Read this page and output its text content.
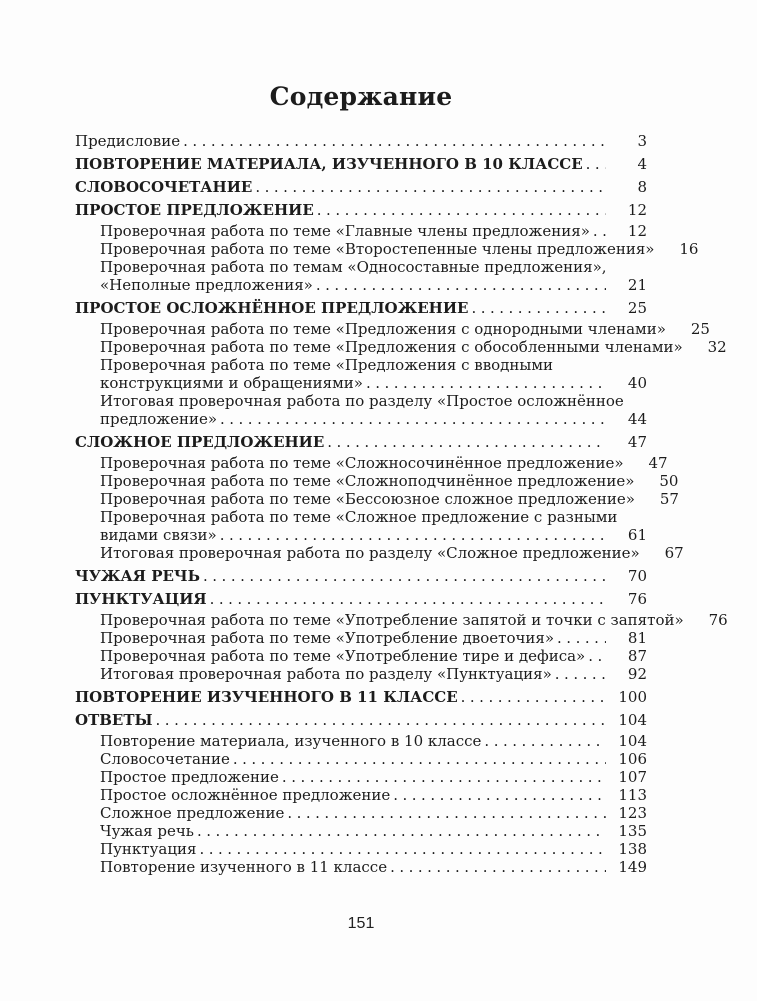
Содержание
Предисловие .....	3
ПОВТОРЕНИЕ МАТЕРИАЛА, ИЗУЧЕННОГО В 10 КЛАССЕ .....	4
СЛОВОСОЧЕТАНИЕ .....	8
ПРОСТОЕ ПРЕДЛОЖЕНИЕ .....	12
Проверочная работа по теме «Главные члены предложения» .....	12
Проверочная работа по теме «Второстепенные члены предложения»	16
Проверочная работа по темам «Односоставные предложения»,
«Неполные предложения» .....	21
ПРОСТОЕ ОСЛОЖНЁННОЕ ПРЕДЛОЖЕНИЕ .....	25
Проверочная работа по теме «Предложения с однородными членами»	25
Проверочная работа по теме «Предложения с обособленными членами»	32
Проверочная работа по теме «Предложения с вводными
конструкциями и обращениями» .....	40
Итоговая проверочная работа по разделу «Простое осложнённое
предложение» .....	44
СЛОЖНОЕ ПРЕДЛОЖЕНИЕ .....	47
Проверочная работа по теме «Сложносочинённое предложение»	47
Проверочная работа по теме «Сложноподчинённое предложение»	50
Проверочная работа по теме «Бессоюзное сложное предложение»	57
Проверочная работа по теме «Сложное предложение с разными
видами связи» .....	61
Итоговая проверочная работа по разделу «Сложное предложение»	67
ЧУЖАЯ РЕЧЬ .....	70
ПУНКТУАЦИЯ .....	76
Проверочная работа по теме «Употребление запятой и точки с запятой»	76
Проверочная работа по теме «Употребление двоеточия» .....	81
Проверочная работа по теме «Употребление тире и дефиса» .....	87
Итоговая проверочная работа по разделу «Пунктуация» .....	92
ПОВТОРЕНИЕ ИЗУЧЕННОГО В 11 КЛАССЕ .....	100
ОТВЕТЫ .....	104
Повторение материала, изученного в 10 классе .....	104
Словосочетание .....	106
Простое предложение .....	107
Простое осложнённое предложение .....	113
Сложное предложение .....	123
Чужая речь .....	135
Пунктуация .....	138
Повторение изученного в 11 классе .....	149
151
